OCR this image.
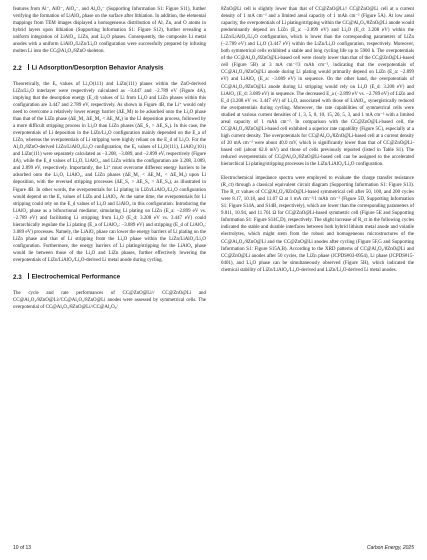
features from Al⁻, AlO⁻, AlO₂⁻, and Al₂O₃⁻ (Supporting Information S1: Figure S11), further verifying the formation of LiAlO₂ phase on the surface after lithiation. In addition, the elemental mappings from TEM images displayed a homogeneous distribution of Al, Zn, and O atoms in hybrid layers upon lithiation (Supporting Information S1: Figure S12), further revealing a uniform integration of LiAlO₂, LiZn, and Li₂O phases. Consequently, the composite Li metal anodes with a uniform LiAlO₂/LiZn/Li₂O configuration were successfully prepared by infusing molten Li into the CC@Al₂O₃/8ZnO skeleton.

2.2 Li Adsorption/Desorption Behavior Analysis

Theoretically, the Eₐ values of Li₂O(111) and LiZn(111) planes within the ZnO-derived LiZn/Li₂O interlayer were respectively calculated as −3.447 and −2.789 eV (Figure 4A), implying that the desorption energy (E_d) values of Li from Li₂O and LiZn phases within this configuration are 3.447 and 2.789 eV, respectively. As shown in Figure 4B, the Li⁺ would only need to overcome a relatively lower energy barrier (ΔE_M) to be adsorbed onto the Li₂O phase than that of the LiZn phase (ΔE_M₁ ΔE_M₂ < ΔE_M₃) in the Li deposition process, followed by a more difficult stripping process in Li₂O than LiZn phases (ΔE_S₁ > ΔE_S₂). In this case, the overpotentials of Li deposition in the LiZn/Li₂O configuration mainly depended on the E_a of LiZn, whereas the overpotentials of Li stripping were highly reliant on the E_d of Li₂O. For the Al₂O₃/8ZnO-derived LiZn/LiAlO₂/Li₂O configuration, the Eₐ values of Li₂O(111), LiAlO₂(101) and LiZn(111) were separately calculated as −3.208, −3.089, and −2.899 eV, respectively (Figure 4A), while the E_d values of Li₂O, LiAlO₂, and LiZn within the configuration are 3.208, 3.089, and 2.899 eV, respectively. Importantly, the Li⁺ must overcome different energy barriers to be adsorbed onto the Li₂O, LiAlO₂, and LiZn phases (ΔE_M₁ < ΔE_M₂ < ΔE_M₃) upon Li deposition, with the reversed stripping processes (ΔE_S₁ > ΔE_S₂ > ΔE_S₃), as illustrated in Figure 4B. In other words, the overpotentials for Li plating in LiZn/LiAlO₂/Li₂O configuration would depend on the Eₐ values of LiZn and LiAlO₂. At the same time, the overpotentials for Li stripping could rely on the E_d values of Li₂O and LiAlO₂ in this configuration. Introducing the LiAlO₂ phase as a bifunctional mediator, simulating Li plating on LiZn (E_a: −2.899 eV vs. −2.789 eV) and facilitating Li stripping from Li₂O (E_d: 3.208 eV vs. 3.447 eV) could hierarchically regulate the Li plating (E_a of LiAlO₂: −3.089 eV) and stripping (E_d of LiAlO₂: 3.089 eV) processes. Namely, the LiAlO₂ phase can lower the energy barriers of Li plating on the LiZn phase and that of Li stripping from the Li₂O phase within the LiZn/LiAlO₂/Li₂O configuration. Furthermore, the energy barriers of Li plating/stripping for the LiAlO₂ phase would lie between those of the Li₂O and LiZn phases, further effectively lowering the overpotentials of LiZn/LiAlO₂/Li₂O-derived Li metal anode during cycling.

2.3 Electrochemical Performance

The cycle and rate performances of CC@ZnO@Li// CC@ZnO@Li and CC@Al₂O₃/8ZnO@Li//CC@Al₂O₃/8ZnO@Li anodes were assessed by symmetrical cells. The overpotential of CC@Al₂O₃/8ZnO@Li//CC@Al₂O₃/

8ZnO@Li cell is slightly lower than that of CC@ZnO@Li// CC@ZnO@Li cell at a current density of 1 mA cm⁻² and a limited areal capacity of 1 mAh cm⁻² (Figure 5A). At low areal capacity, the overpotentials of Li plating/stripping within the CC@Al₂O₃/8ZnO@Li anode would predominantly depend on LiZn (E_a: −2.899 eV) and Li₂O (E_d: 3.208 eV) within the LiZn/LiAlO₂/Li₂O configuration, which is lower than the corresponding parameters of LiZn (−2.789 eV) and Li₂O (3.447 eV) within the LiZn/Li₂O configuration, respectively. Moreover, both symmetrical cells exhibited a stable and long cycling life up to 5900 h. The overpotentials of the CC@Al₂O₃/8ZnO@Li-based cell were clearly lower than that of the CC@ZnO@Li-based cell (Figure 5B) at 3 mA cm⁻²/3 mAh cm⁻², indicating that the overpotentials of CC@Al₂O₃/8ZnO@Li anode during Li plating would primarily depend on LiZn (E_a: −2.899 eV) and LiAlO₂ (E_a: −3.089 eV) in sequence. On the other hand, the overpotentials of CC@Al₂O₃/8ZnO@Li anode during Li stripping would rely on Li₂O (E_d: 3.208 eV) and LiAlO₂ (E_d: 3.089 eV) in sequence. The decreased E_a (−2.899 eV vs. −2.789 eV) of LiZn and E_d (3.208 eV vs. 3.447 eV) of Li₂O, associated with those of LiAlO₂, synergistically reduced the overpotentials during cycling. Moreover, the rate capabilities of symmetrical cells were studied at various current densities of 1, 3, 5, 8, 10, 15, 20, 5, 3, and 1 mA cm⁻² with a limited areal capacity of 1 mAh cm⁻². In comparison with the CC@ZnO@Li-based cell, the CC@Al₂O₃/8ZnO@Li-based cell exhibited a superior rate capability (Figure 5C), especially at a high current density. The overpotentials for CC@Al₂O₃/8ZnO@Li-based cell at a current density of 20 mA cm⁻² were about 40.0 mV, which is significantly lower than that of CC@ZnO@Li-based cell (about 62.0 mV) and those of cells previously reported (listed in Table S1). The reduced overpotentials of CC@Al₂O₃/8ZnO@Li-based cell can be assigned to the accelerated hierarchical Li plating/stripping processes in the LiZn/LiAlO₂/Li₂O configuration.

Electrochemical impedance spectra were employed to evaluate the charge transfer resistance (R_ct) through a classical equivalent circuit diagram (Supporting Information S1: Figure S13). The R_ct values of CC@Al₂O₃/8ZnO@Li-based symmetrical cell after 50, 100, and 200 cycles were 8.17, 10.18, and 11.07 Ω at 1 mA cm⁻²/1 mAh cm⁻² (Figure 5D, Supporting Information S1: Figure S14A, and S14B, respectively), which are lower than the corresponding parameters of 9.811, 10.94, and 11.761 Ω for CC@ZnO@Li-based symmetric cell (Figure 5E and Supporting Information S1: Figure S14C,D), respectively. The slight increase of R_ct in the following cycles indicated the stable and durable interfaces between both hybrid lithium metal anode and volatile electrolytes, which might stem from the robust and homogeneous microstructures of the CC@Al₂O₃/8ZnO@Li and the CC@ZnO@Li anodes after cycling (Figure 5F,G and Supporting Information S1: Figure S15A,B). According to the XRD patterns of CC@Al₂O₃/8ZnO@Li and CC@ZnO@Li anodes after 50 cycles, the LiZn phase (JCPDS#03-0954), Li phase (JCPDS#15-0401), and Li₂O phase can be simultaneously observed (Figure 5H), which indicated the chemical stability of LiZn/LiAlO₂/Li₂O-derived and LiZn/Li₂O-derived Li metal anodes.

10 of 13	Carbon Energy, 2025
